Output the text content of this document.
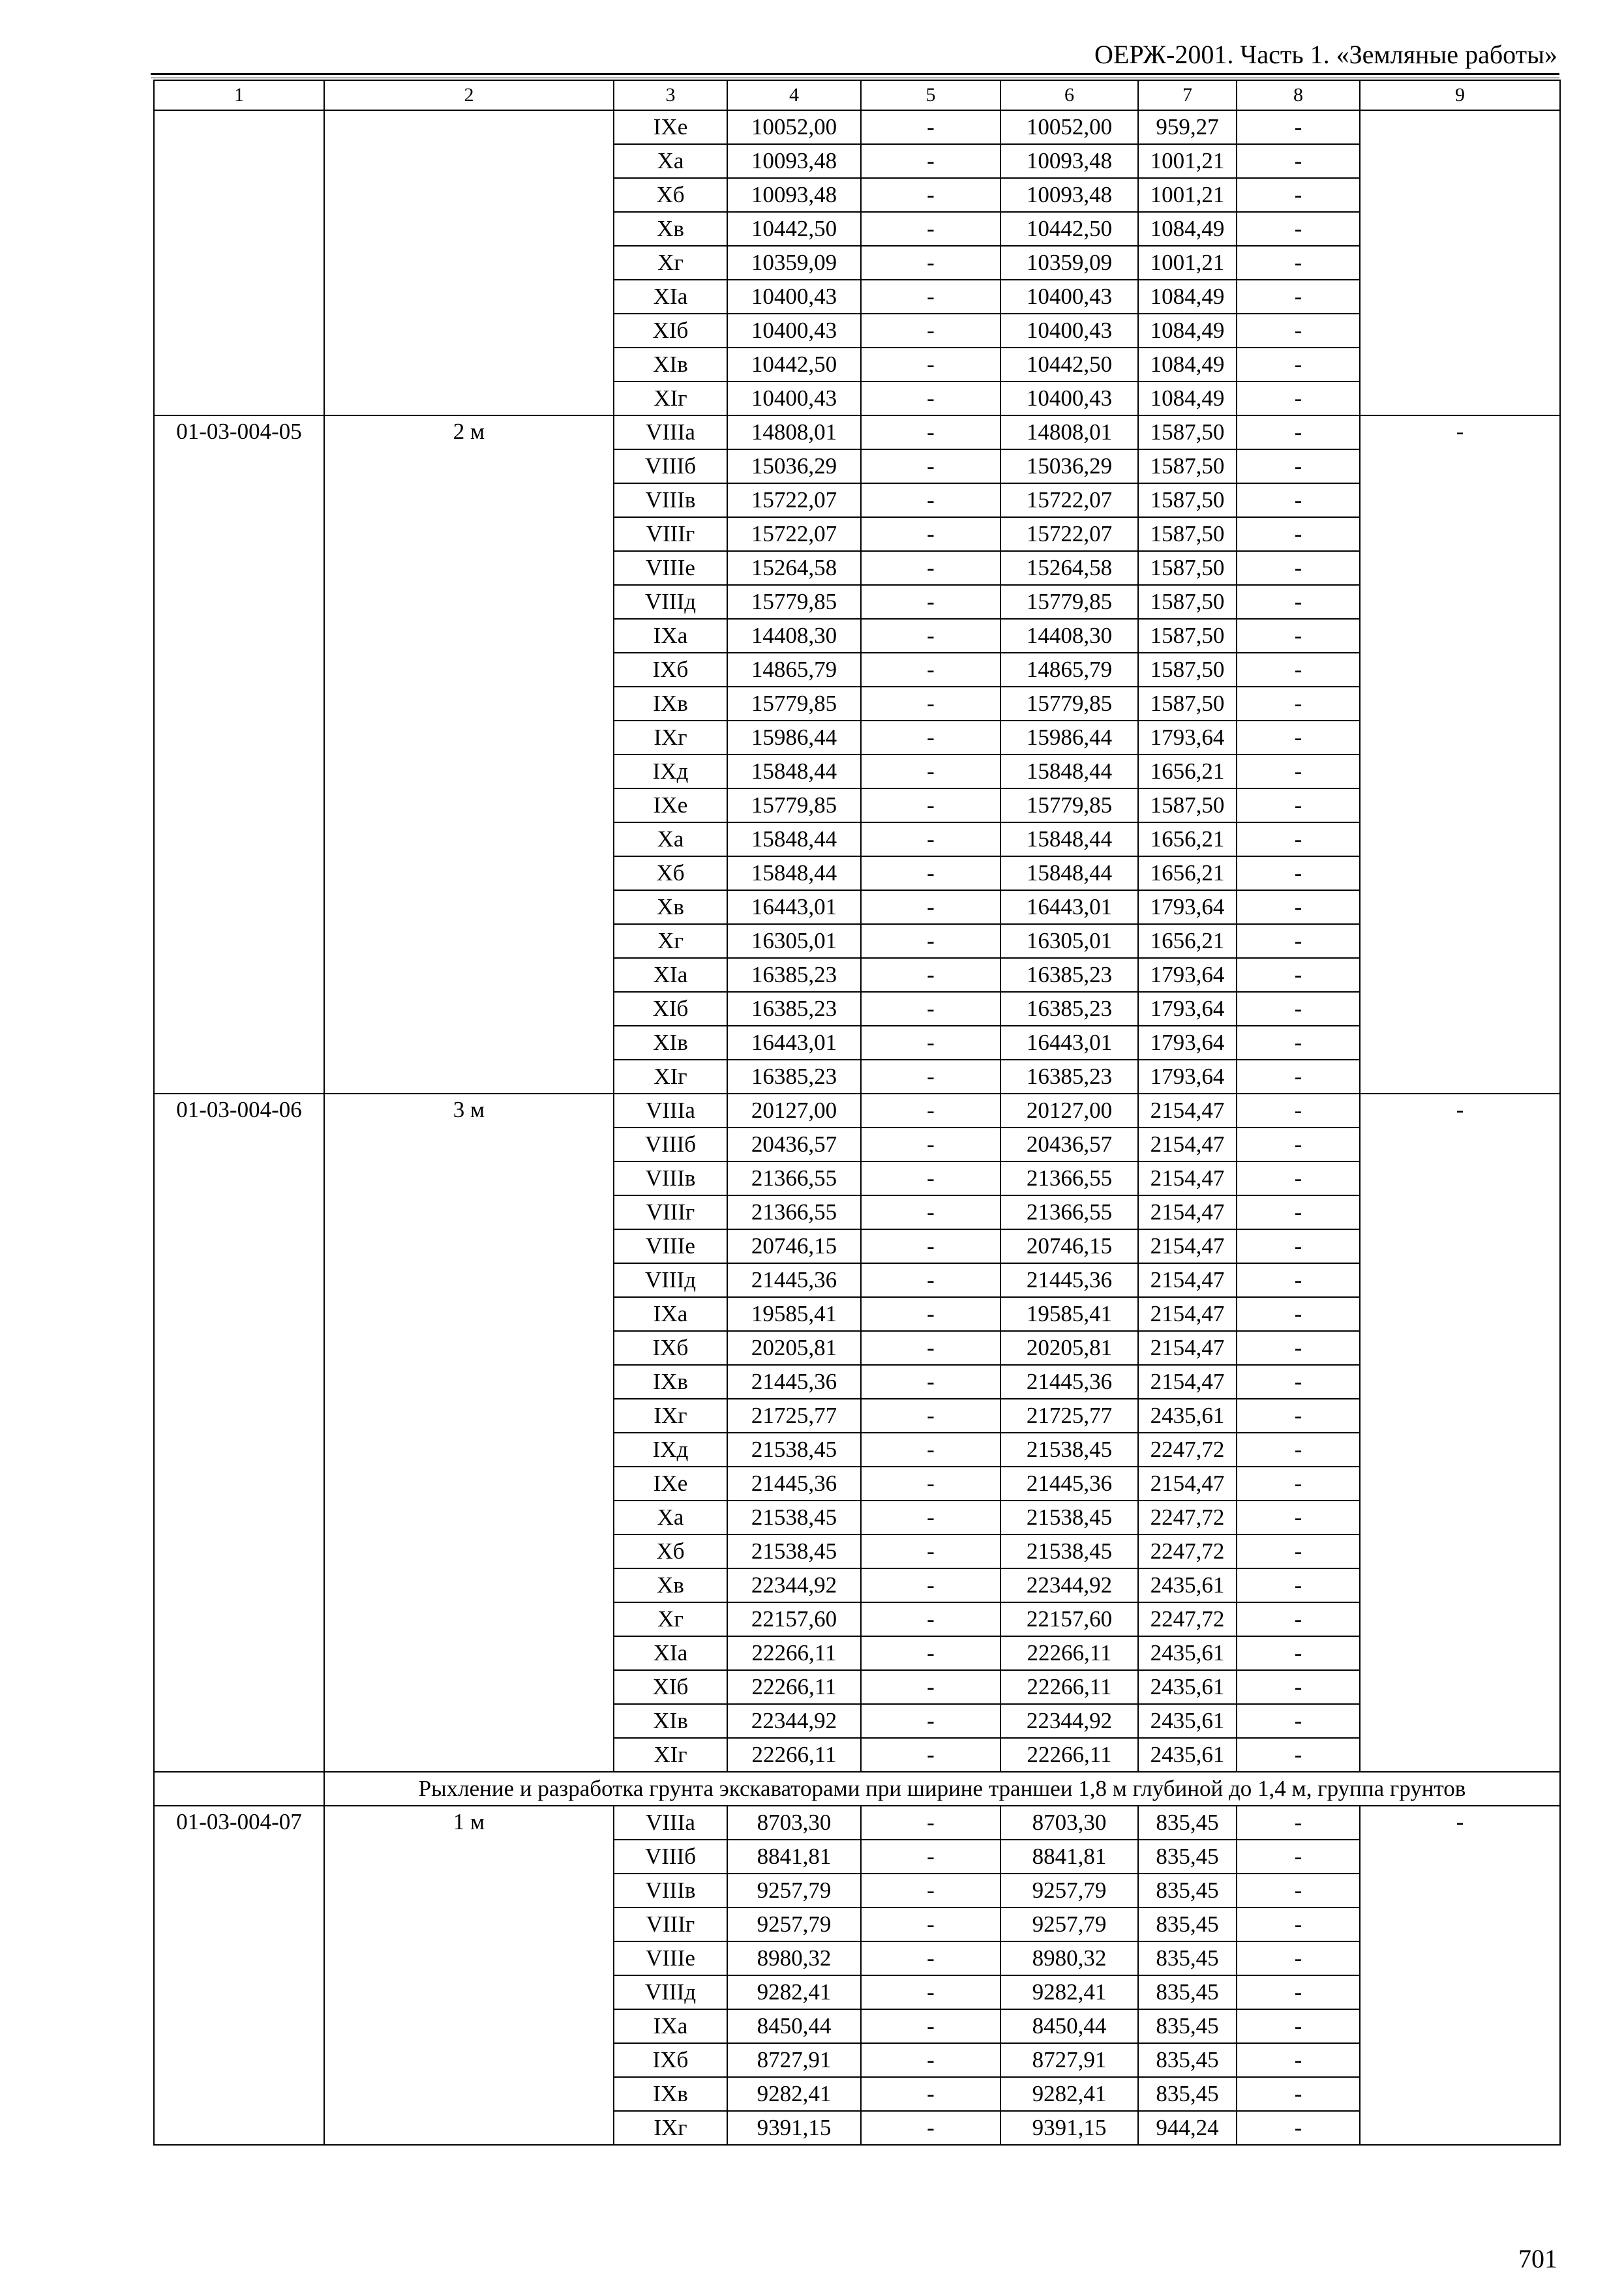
ОЕРЖ-2001. Часть 1. «Земляные работы»
1	2	3	4	5	6	7	8	9
		IXe	10052,00	-	10052,00	959,27	-	
		Xa	10093,48	-	10093,48	1001,21	-	
		Xб	10093,48	-	10093,48	1001,21	-	
		Xв	10442,50	-	10442,50	1084,49	-	
		Xг	10359,09	-	10359,09	1001,21	-	
		XIa	10400,43	-	10400,43	1084,49	-	
		XIб	10400,43	-	10400,43	1084,49	-	
		XIв	10442,50	-	10442,50	1084,49	-	
		XIг	10400,43	-	10400,43	1084,49	-	
01-03-004-05	2 м	VIIIa	14808,01	-	14808,01	1587,50	-	-
		VIIIб	15036,29	-	15036,29	1587,50	-	
		VIIIв	15722,07	-	15722,07	1587,50	-	
		VIIIг	15722,07	-	15722,07	1587,50	-	
		VIIIe	15264,58	-	15264,58	1587,50	-	
		VIIIд	15779,85	-	15779,85	1587,50	-	
		IXa	14408,30	-	14408,30	1587,50	-	
		IXб	14865,79	-	14865,79	1587,50	-	
		IXв	15779,85	-	15779,85	1587,50	-	
		IXг	15986,44	-	15986,44	1793,64	-	
		IXд	15848,44	-	15848,44	1656,21	-	
		IXe	15779,85	-	15779,85	1587,50	-	
		Xa	15848,44	-	15848,44	1656,21	-	
		Xб	15848,44	-	15848,44	1656,21	-	
		Xв	16443,01	-	16443,01	1793,64	-	
		Xг	16305,01	-	16305,01	1656,21	-	
		XIa	16385,23	-	16385,23	1793,64	-	
		XIб	16385,23	-	16385,23	1793,64	-	
		XIв	16443,01	-	16443,01	1793,64	-	
		XIг	16385,23	-	16385,23	1793,64	-	
01-03-004-06	3 м	VIIIa	20127,00	-	20127,00	2154,47	-	-
		VIIIб	20436,57	-	20436,57	2154,47	-	
		VIIIв	21366,55	-	21366,55	2154,47	-	
		VIIIг	21366,55	-	21366,55	2154,47	-	
		VIIIe	20746,15	-	20746,15	2154,47	-	
		VIIIд	21445,36	-	21445,36	2154,47	-	
		IXa	19585,41	-	19585,41	2154,47	-	
		IXб	20205,81	-	20205,81	2154,47	-	
		IXв	21445,36	-	21445,36	2154,47	-	
		IXг	21725,77	-	21725,77	2435,61	-	
		IXд	21538,45	-	21538,45	2247,72	-	
		IXe	21445,36	-	21445,36	2154,47	-	
		Xa	21538,45	-	21538,45	2247,72	-	
		Xб	21538,45	-	21538,45	2247,72	-	
		Xв	22344,92	-	22344,92	2435,61	-	
		Xг	22157,60	-	22157,60	2247,72	-	
		XIa	22266,11	-	22266,11	2435,61	-	
		XIб	22266,11	-	22266,11	2435,61	-	
		XIв	22344,92	-	22344,92	2435,61	-	
		XIг	22266,11	-	22266,11	2435,61	-	
	Рыхление и разработка грунта экскаваторами при ширине траншеи 1,8 м глубиной до 1,4 м, группа грунтов							
01-03-004-07	1 м	VIIIa	8703,30	-	8703,30	835,45	-	-
		VIIIб	8841,81	-	8841,81	835,45	-	
		VIIIв	9257,79	-	9257,79	835,45	-	
		VIIIг	9257,79	-	9257,79	835,45	-	
		VIIIe	8980,32	-	8980,32	835,45	-	
		VIIIд	9282,41	-	9282,41	835,45	-	
		IXa	8450,44	-	8450,44	835,45	-	
		IXб	8727,91	-	8727,91	835,45	-	
		IXв	9282,41	-	9282,41	835,45	-	
		IXг	9391,15	-	9391,15	944,24	-	
701
